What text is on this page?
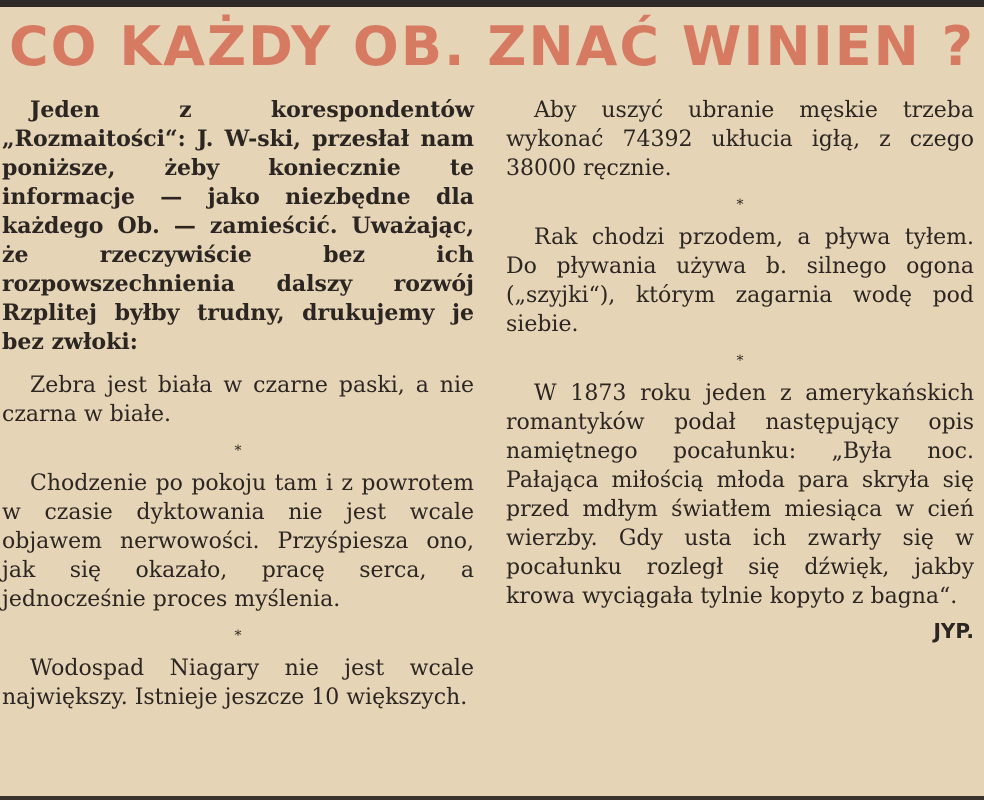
CO KAŻDY OB. ZNAĆ WINIEN ?

Jeden z korespondentów „Rozmaitości“: J. W-ski, przesłał nam poniższe, żeby koniecznie te informacje — jako niezbędne dla każdego Ob. — zamieścić. Uważając, że rzeczywiście bez ich rozpowszechnienia dalszy rozwój Rzplitej byłby trudny, drukujemy je bez zwłoki:

Zebra jest biała w czarne paski, a nie czarna w białe.

*

Chodzenie po pokoju tam i z powrotem w czasie dyktowania nie jest wcale objawem nerwowości. Przyśpiesza ono, jak się okazało, pracę serca, a jednocześnie proces myślenia.

*

Wodospad Niagary nie jest wcale największy. Istnieje jeszcze 10 większych.

Aby uszyć ubranie męskie trzeba wykonać 74392 ukłucia igłą, z czego 38000 ręcznie.

*

Rak chodzi przodem, a pływa tyłem. Do pływania używa b. silnego ogona („szyjki“), którym zagarnia wodę pod siebie.

*

W 1873 roku jeden z amerykańskich romantyków podał następujący opis namiętnego pocałunku: „Była noc. Pałająca miłością młoda para skryła się przed mdłym światłem miesiąca w cień wierzby. Gdy usta ich zwarły się w pocałunku rozległ się dźwięk, jakby krowa wyciągała tylnie kopyto z bagna“.

JYP.
